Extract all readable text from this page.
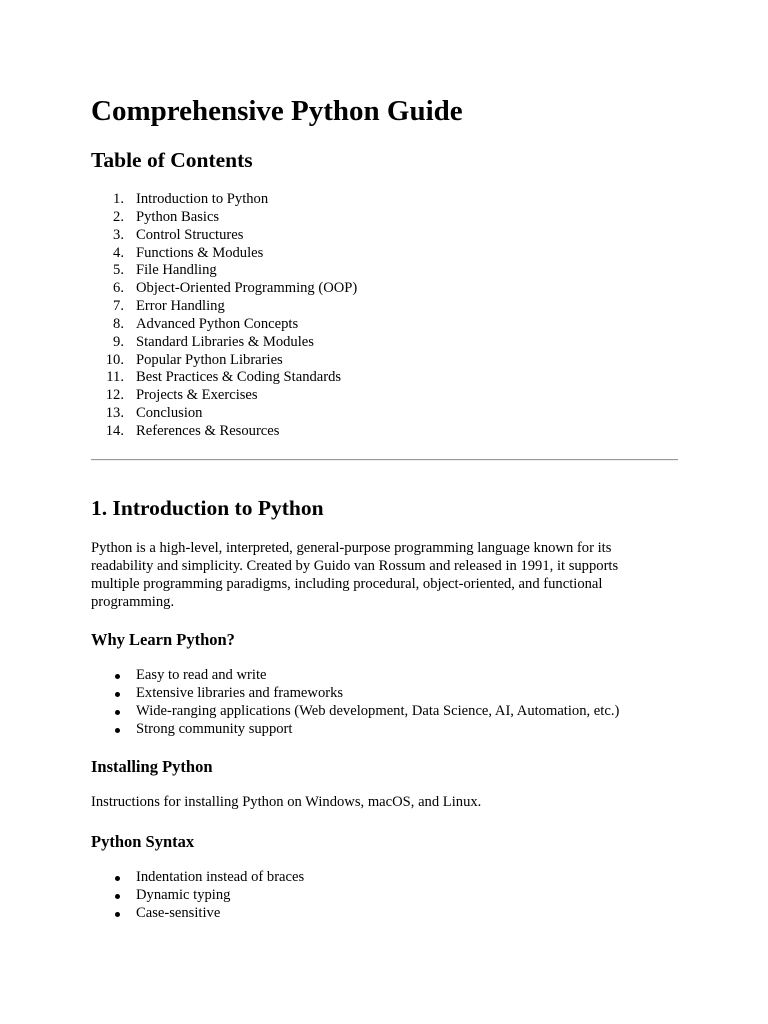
Comprehensive Python Guide
Table of Contents
1. Introduction to Python
2. Python Basics
3. Control Structures
4. Functions & Modules
5. File Handling
6. Object-Oriented Programming (OOP)
7. Error Handling
8. Advanced Python Concepts
9. Standard Libraries & Modules
10. Popular Python Libraries
11. Best Practices & Coding Standards
12. Projects & Exercises
13. Conclusion
14. References & Resources
1. Introduction to Python

Python is a high-level, interpreted, general-purpose programming language known for its readability and simplicity. Created by Guido van Rossum and released in 1991, it supports multiple programming paradigms, including procedural, object-oriented, and functional programming.

Why Learn Python?
Easy to read and write
Extensive libraries and frameworks
Wide-ranging applications (Web development, Data Science, AI, Automation, etc.)
Strong community support
Installing Python

Instructions for installing Python on Windows, macOS, and Linux.

Python Syntax
Indentation instead of braces
Dynamic typing
Case-sensitive
